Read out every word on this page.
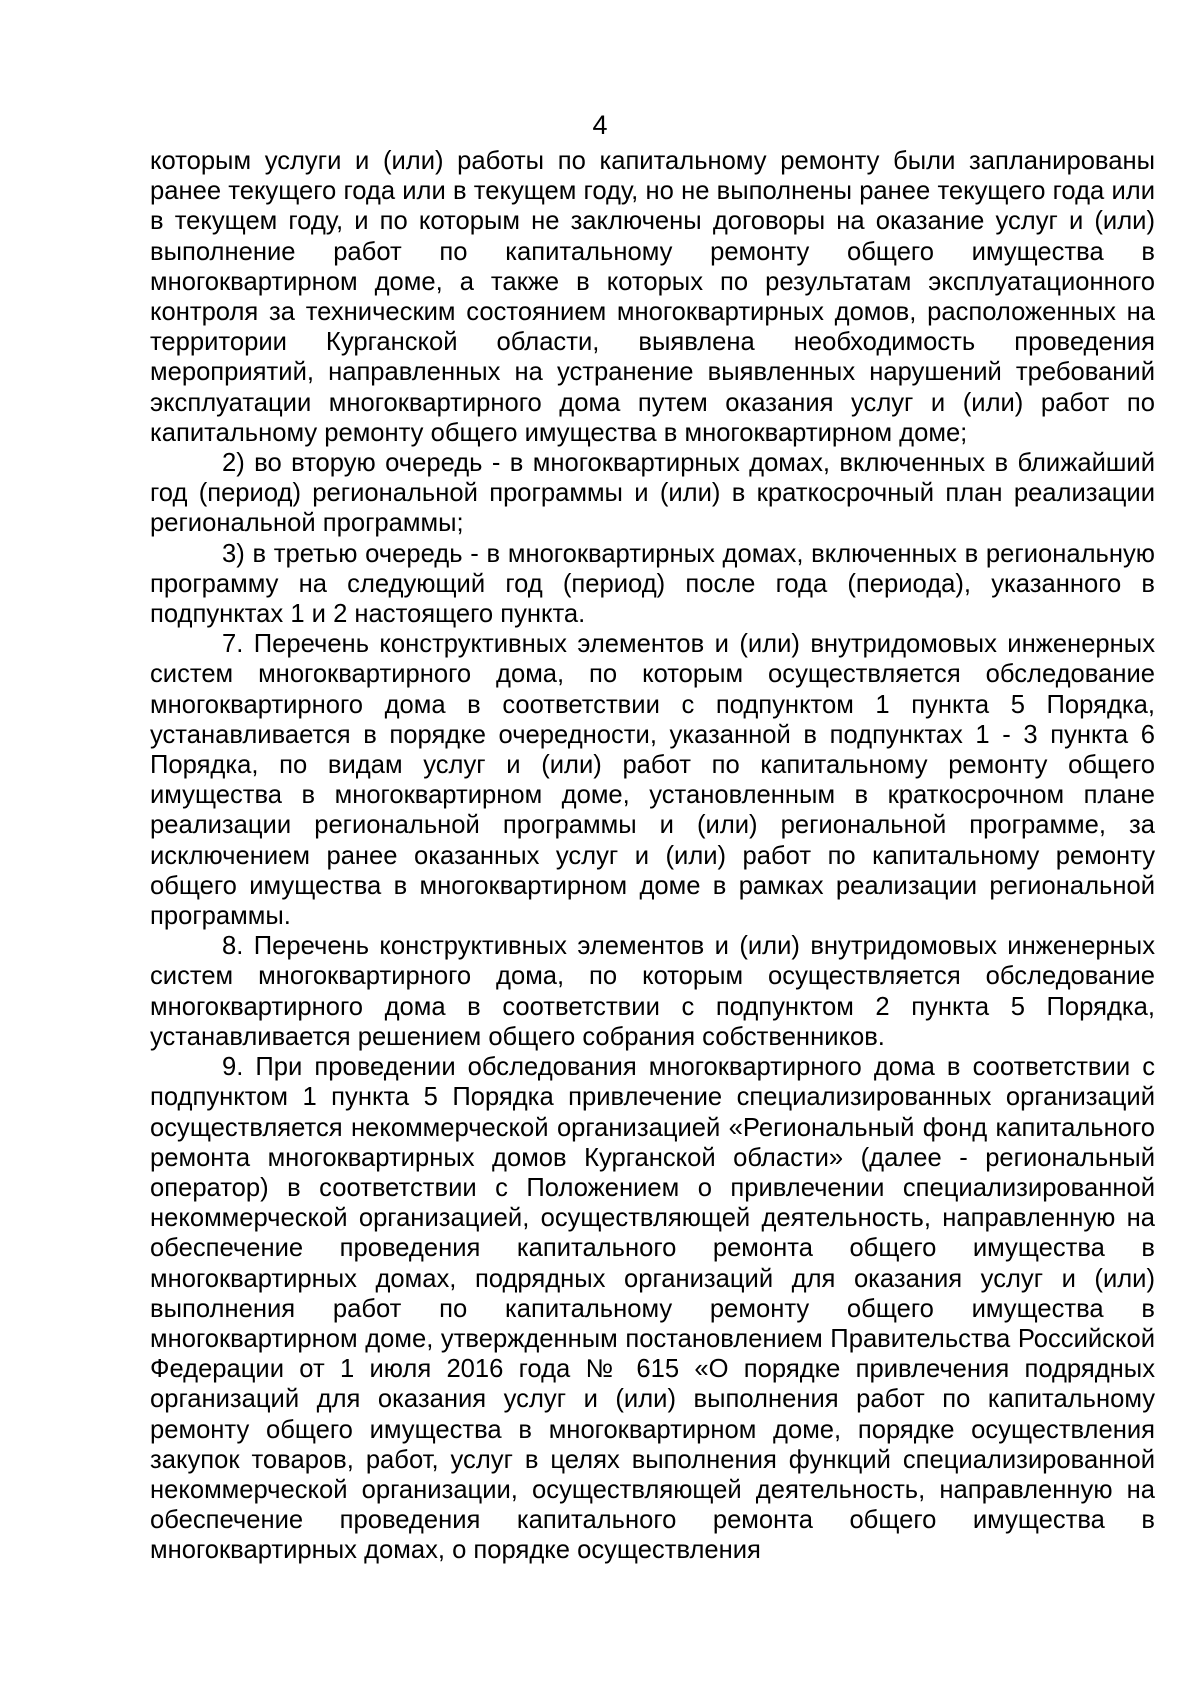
4

которым услуги и (или) работы по капитальному ремонту были запланированы ранее текущего года или в текущем году, но не выполнены ранее текущего года или в текущем году, и по которым не заключены договоры на оказание услуг и (или) выполнение работ по капитальному ремонту общего имущества в многоквартирном доме, а также в которых по результатам эксплуатационного контроля за техническим состоянием многоквартирных домов, расположенных на территории Курганской области, выявлена необходимость проведения мероприятий, направленных на устранение выявленных нарушений требований эксплуатации многоквартирного дома путем оказания услуг и (или) работ по капитальному ремонту общего имущества в многоквартирном доме;

2) во вторую очередь - в многоквартирных домах, включенных в ближайший год (период) региональной программы и (или) в краткосрочный план реализации региональной программы;

3) в третью очередь - в многоквартирных домах, включенных в региональную программу на следующий год (период) после года (периода), указанного в подпунктах 1 и 2 настоящего пункта.

7. Перечень конструктивных элементов и (или) внутридомовых инженерных систем многоквартирного дома, по которым осуществляется обследование многоквартирного дома в соответствии с подпунктом 1 пункта 5 Порядка, устанавливается в порядке очередности, указанной в подпунктах 1 - 3 пункта 6 Порядка, по видам услуг и (или) работ по капитальному ремонту общего имущества в многоквартирном доме, установленным в краткосрочном плане реализации региональной программы и (или) региональной программе, за исключением ранее оказанных услуг и (или) работ по капитальному ремонту общего имущества в многоквартирном доме в рамках реализации региональной программы.

8. Перечень конструктивных элементов и (или) внутридомовых инженерных систем многоквартирного дома, по которым осуществляется обследование многоквартирного дома в соответствии с подпунктом 2 пункта 5 Порядка, устанавливается решением общего собрания собственников.

9. При проведении обследования многоквартирного дома в соответствии с подпунктом 1 пункта 5 Порядка привлечение специализированных организаций осуществляется некоммерческой организацией «Региональный фонд капитального ремонта многоквартирных домов Курганской области» (далее - региональный оператор) в соответствии с Положением о привлечении специализированной некоммерческой организацией, осуществляющей деятельность, направленную на обеспечение проведения капитального ремонта общего имущества в многоквартирных домах, подрядных организаций для оказания услуг и (или) выполнения работ по капитальному ремонту общего имущества в многоквартирном доме, утвержденным постановлением Правительства Российской Федерации от 1 июля 2016 года № 615 «О порядке привлечения подрядных организаций для оказания услуг и (или) выполнения работ по капитальному ремонту общего имущества в многоквартирном доме, порядке осуществления закупок товаров, работ, услуг в целях выполнения функций специализированной некоммерческой организации, осуществляющей деятельность, направленную на обеспечение проведения капитального ремонта общего имущества в многоквартирных домах, о порядке осуществления
